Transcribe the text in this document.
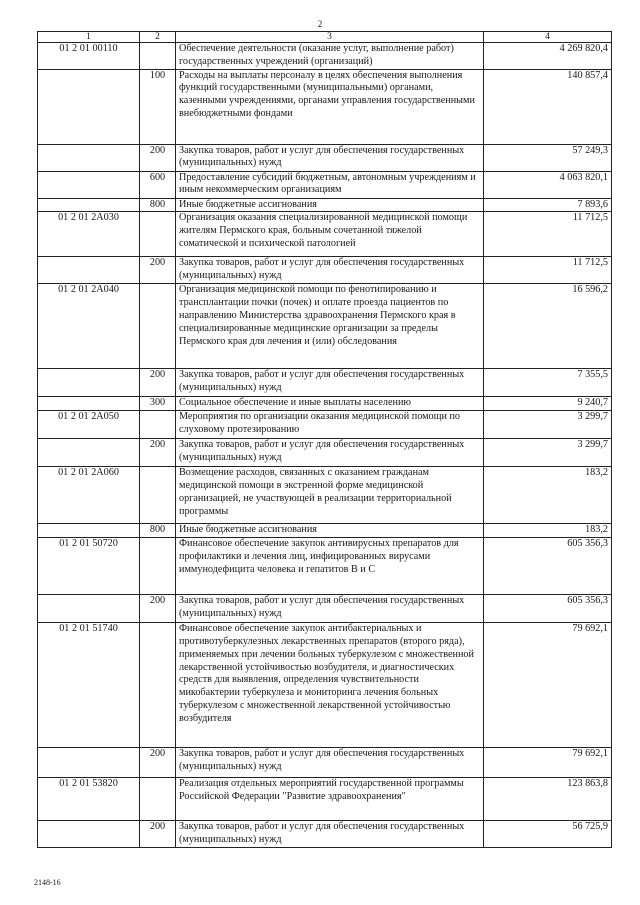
2
1	2	3	4
01 2 01 00110		Обеспечение деятельности (оказание услуг, выполнение работ) государственных учреждений (организаций)	4 269 820,4
	100	Расходы на выплаты персоналу в целях обеспечения выполнения функций государственными (муниципальными) органами, казенными учреждениями, органами управления государственными внебюджетными фондами	140 857,4
	200	Закупка товаров, работ и услуг для обеспечения государственных (муниципальных) нужд	57 249,3
	600	Предоставление субсидий бюджетным, автономным учреждениям и иным некоммерческим организациям	4 063 820,1
	800	Иные бюджетные ассигнования	7 893,6
01 2 01 2A030		Организация оказания специализированной медицинской помощи жителям Пермского края, больным сочетанной тяжелой соматической и психической патологией	11 712,5
	200	Закупка товаров, работ и услуг для обеспечения государственных (муниципальных) нужд	11 712,5
01 2 01 2A040		Организация медицинской помощи по фенотипированию и трансплантации почки (почек) и оплате проезда пациентов по направлению Министерства здравоохранения Пермского края в специализированные медицинские организации за пределы Пермского края для лечения и (или) обследования	16 596,2
	200	Закупка товаров, работ и услуг для обеспечения государственных (муниципальных) нужд	7 355,5
	300	Социальное обеспечение и иные выплаты населению	9 240,7
01 2 01 2A050		Мероприятия по организации оказания медицинской помощи по слуховому протезированию	3 299,7
	200	Закупка товаров, работ и услуг для обеспечения государственных (муниципальных) нужд	3 299,7
01 2 01 2A060		Возмещение расходов, связанных с оказанием гражданам медицинской помощи в экстренной форме медицинской организацией, не участвующей в реализации территориальной программы	183,2
	800	Иные бюджетные ассигнования	183,2
01 2 01 50720		Финансовое обеспечение закупок антивирусных препаратов для профилактики и лечения лиц, инфицированных вирусами иммунодефицита человека и гепатитов В и С	605 356,3
	200	Закупка товаров, работ и услуг для обеспечения государственных (муниципальных) нужд	605 356,3
01 2 01 51740		Финансовое обеспечение закупок антибактериальных и противотуберкулезных лекарственных препаратов (второго ряда), применяемых при лечении больных туберкулезом с множественной лекарственной устойчивостью возбудителя, и диагностических средств для выявления, определения чувствительности микобактерии туберкулеза и мониторинга лечения больных туберкулезом с множественной лекарственной устойчивостью возбудителя	79 692,1
	200	Закупка товаров, работ и услуг для обеспечения государственных (муниципальных) нужд	79 692,1
01 2 01 53820		Реализация отдельных мероприятий государственной программы Российской Федерации "Развитие здравоохранения"	123 863,8
	200	Закупка товаров, работ и услуг для обеспечения государственных (муниципальных) нужд	56 725,9
2148-16
